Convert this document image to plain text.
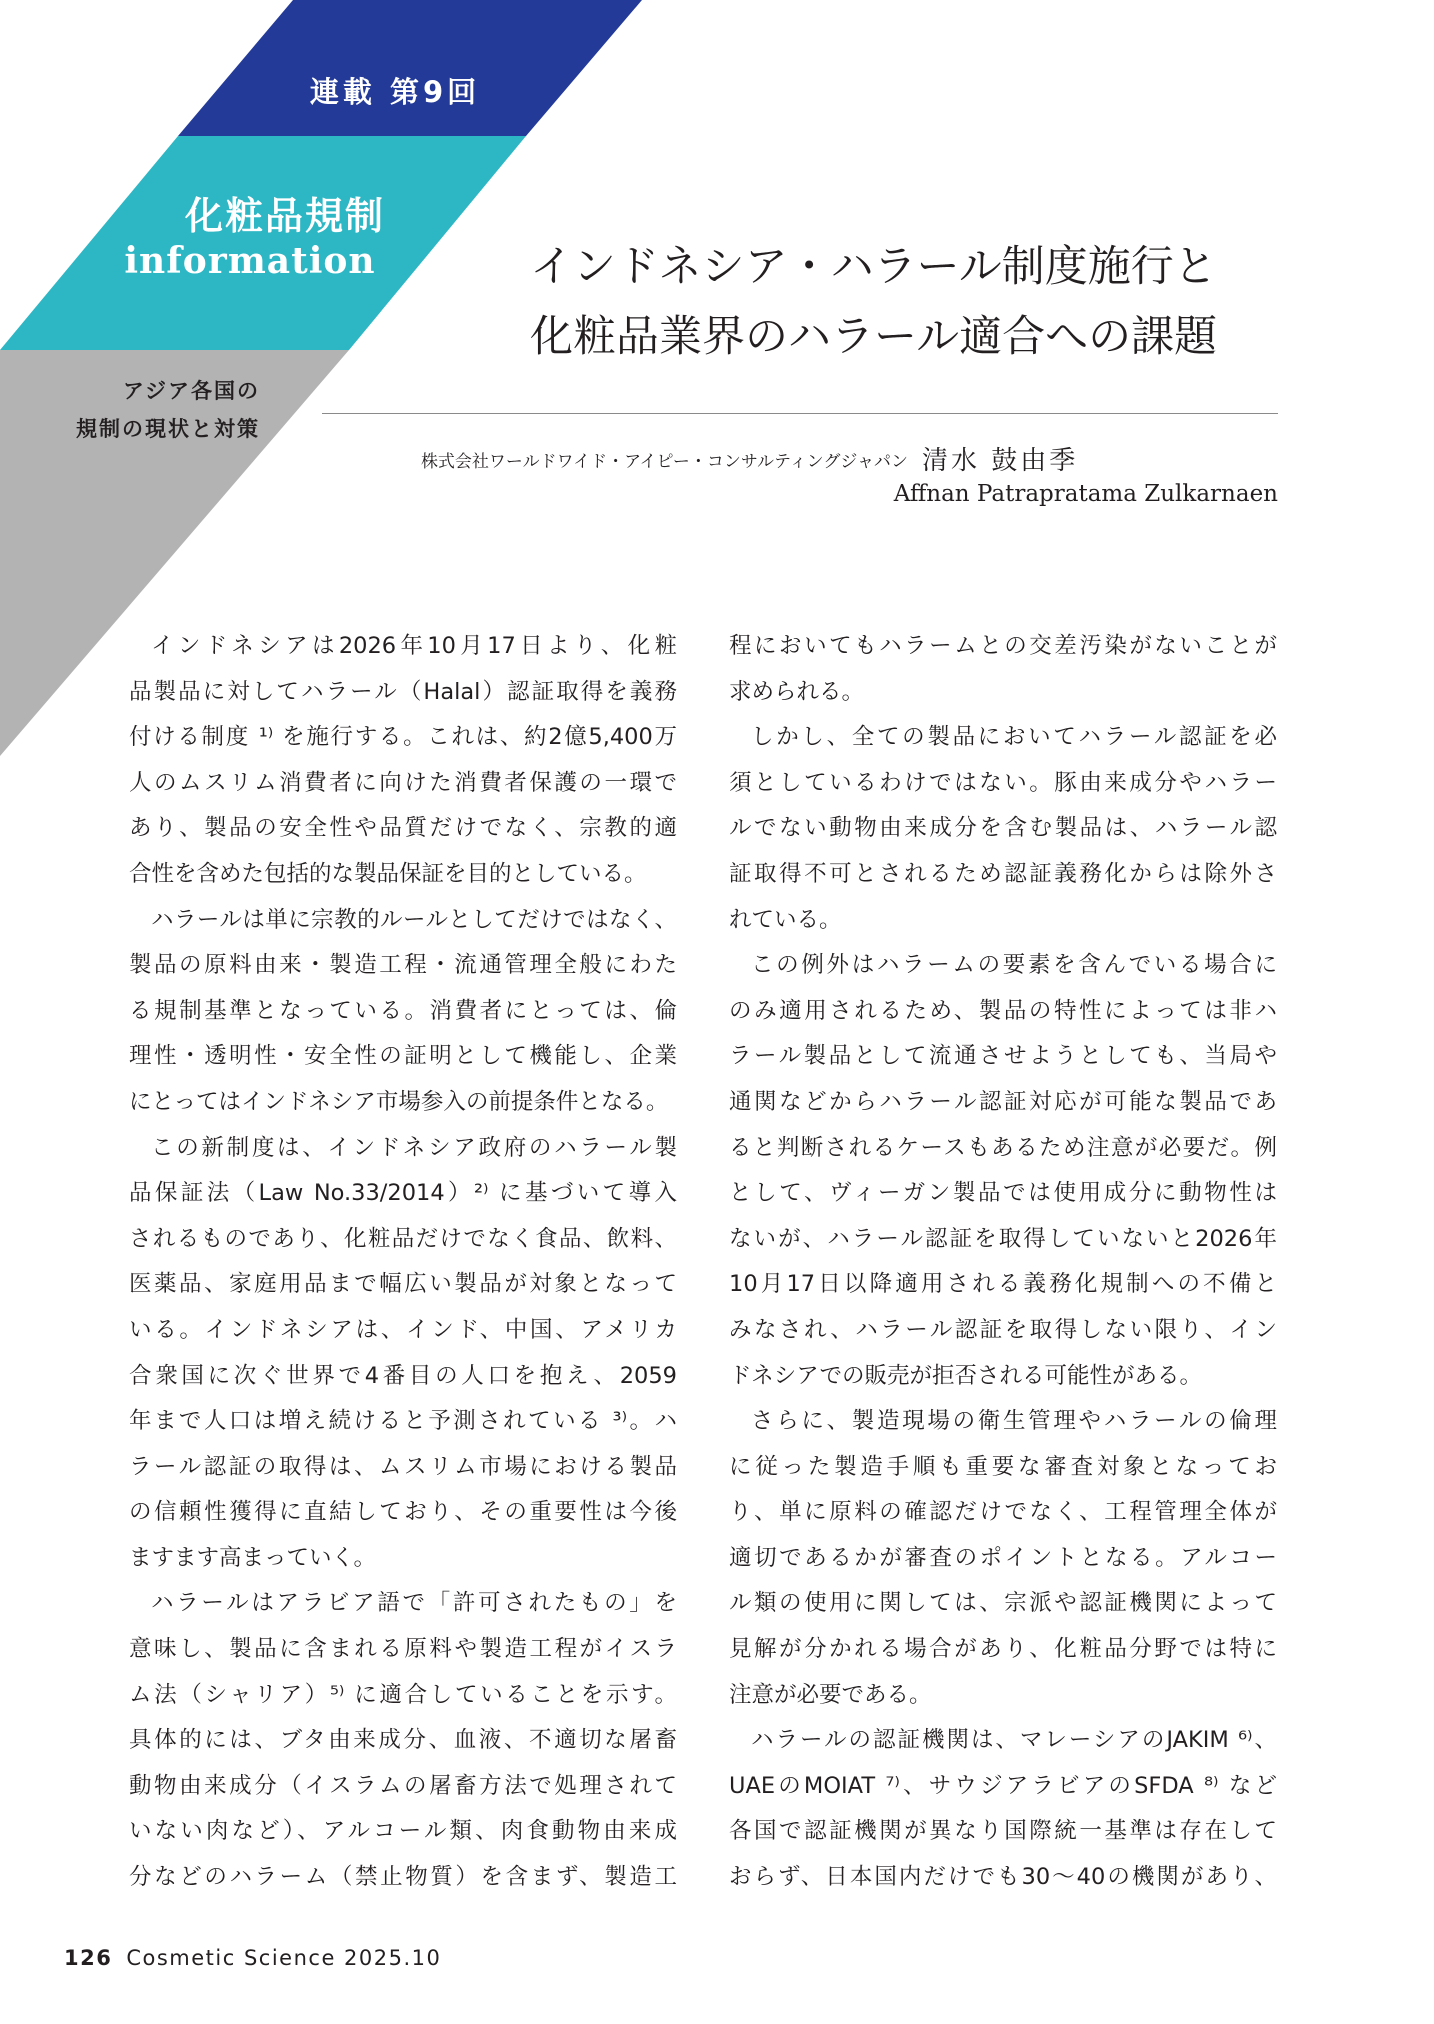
連載 第9回
化粧品規制
information
アジア各国の
規制の現状と対策
インドネシア・ハラール制度施行と
化粧品業界のハラール適合への課題
株式会社ワールドワイド・アイピー・コンサルティングジャパン 清水 鼓由季
Affnan Patrapratama Zulkarnaen
インドネシアは2026年10月17日より、化粧
品製品に対してハラール（Halal）認証取得を義務
付ける制度 ¹⁾ を施行する。これは、約2億5,400万
人のムスリム消費者に向けた消費者保護の一環で
あり、製品の安全性や品質だけでなく、宗教的適
合性を含めた包括的な製品保証を目的としている。
ハラールは単に宗教的ルールとしてだけではなく、
製品の原料由来・製造工程・流通管理全般にわた
る規制基準となっている。消費者にとっては、倫
理性・透明性・安全性の証明として機能し、企業
にとってはインドネシア市場参入の前提条件となる。
この新制度は、インドネシア政府のハラール製
品保証法（Law No.33/2014）²⁾ に基づいて導入
されるものであり、化粧品だけでなく食品、飲料、
医薬品、家庭用品まで幅広い製品が対象となって
いる。インドネシアは、インド、中国、アメリカ
合衆国に次ぐ世界で4番目の人口を抱え、2059
年まで人口は増え続けると予測されている ³⁾。ハ
ラール認証の取得は、ムスリム市場における製品
の信頼性獲得に直結しており、その重要性は今後
ますます高まっていく。
ハラールはアラビア語で「許可されたもの」を
意味し、製品に含まれる原料や製造工程がイスラ
ム法（シャリア）⁵⁾ に適合していることを示す。
具体的には、ブタ由来成分、血液、不適切な屠畜
動物由来成分（イスラムの屠畜方法で処理されて
いない肉など）、アルコール類、肉食動物由来成
分などのハラーム（禁止物質）を含まず、製造工
程においてもハラームとの交差汚染がないことが
求められる。
しかし、全ての製品においてハラール認証を必
須としているわけではない。豚由来成分やハラー
ルでない動物由来成分を含む製品は、ハラール認
証取得不可とされるため認証義務化からは除外さ
れている。
この例外はハラームの要素を含んでいる場合に
のみ適用されるため、製品の特性によっては非ハ
ラール製品として流通させようとしても、当局や
通関などからハラール認証対応が可能な製品であ
ると判断されるケースもあるため注意が必要だ。例
として、ヴィーガン製品では使用成分に動物性は
ないが、ハラール認証を取得していないと2026年
10月17日以降適用される義務化規制への不備と
みなされ、ハラール認証を取得しない限り、イン
ドネシアでの販売が拒否される可能性がある。
さらに、製造現場の衛生管理やハラールの倫理
に従った製造手順も重要な審査対象となってお
り、単に原料の確認だけでなく、工程管理全体が
適切であるかが審査のポイントとなる。アルコー
ル類の使用に関しては、宗派や認証機関によって
見解が分かれる場合があり、化粧品分野では特に
注意が必要である。
ハラールの認証機関は、マレーシアのJAKIM ⁶⁾、
UAEのMOIAT ⁷⁾、サウジアラビアのSFDA ⁸⁾ など
各国で認証機関が異なり国際統一基準は存在して
おらず、日本国内だけでも30〜40の機関があり、
126 Cosmetic Science 2025.10
